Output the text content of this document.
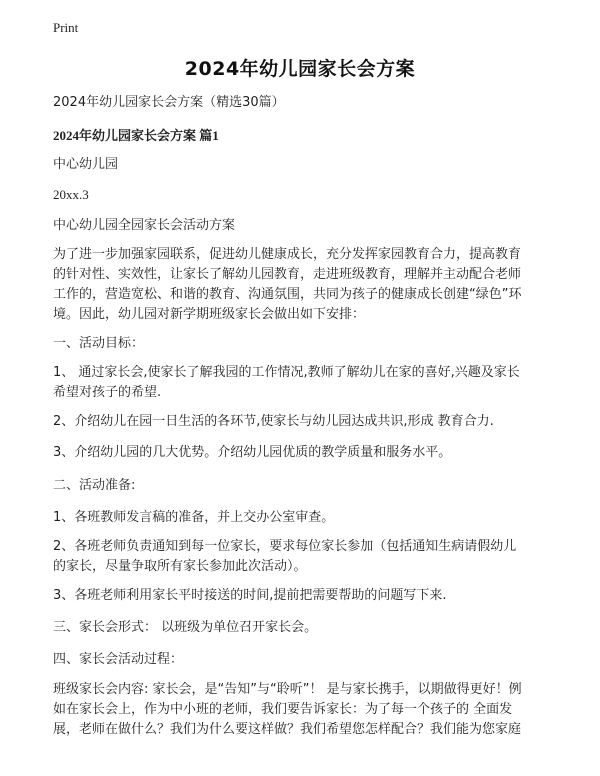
Print
2024年幼儿园家长会方案
2024年幼儿园家长会方案（精选30篇）
2024年幼儿园家长会方案 篇1
中心幼儿园
20xx.3
中心幼儿园全园家长会活动方案
为了进一步加强家园联系，促进幼儿健康成长，充分发挥家园教育合力，提高教育
的针对性、实效性，让家长了解幼儿园教育，走进班级教育，理解并主动配合老师
工作的，营造宽松、和谐的教育、沟通氛围，共同为孩子的健康成长创建“绿色”环
境。因此，幼儿园对新学期班级家长会做出如下安排：
一、活动目标：
1、 通过家长会,使家长了解我园的工作情况,教师了解幼儿在家的喜好,兴趣及家长
希望对孩子的希望.
2、介绍幼儿在园一日生活的各环节,使家长与幼儿园达成共识,形成 教育合力.
3、介绍幼儿园的几大优势。介绍幼儿园优质的教学质量和服务水平。
二、活动准备:
1、各班教师发言稿的准备，并上交办公室审查。
2、各班老师负责通知到每一位家长，要求每位家长参加（包括通知生病请假幼儿
的家长，尽量争取所有家长参加此次活动）。
3、各班老师利用家长平时接送的时间,提前把需要帮助的问题写下来.
三、家长会形式： 以班级为单位召开家长会。
四、家长会活动过程：
班级家长会内容: 家长会，是“告知”与“聆听”！ 是与家长携手，以期做得更好！例
如在家长会上，作为中小班的老师，我们要告诉家长：为了每一个孩子的 全面发
展，老师在做什么？我们为什么要这样做？我们希望您怎样配合？我们能为您家庭
